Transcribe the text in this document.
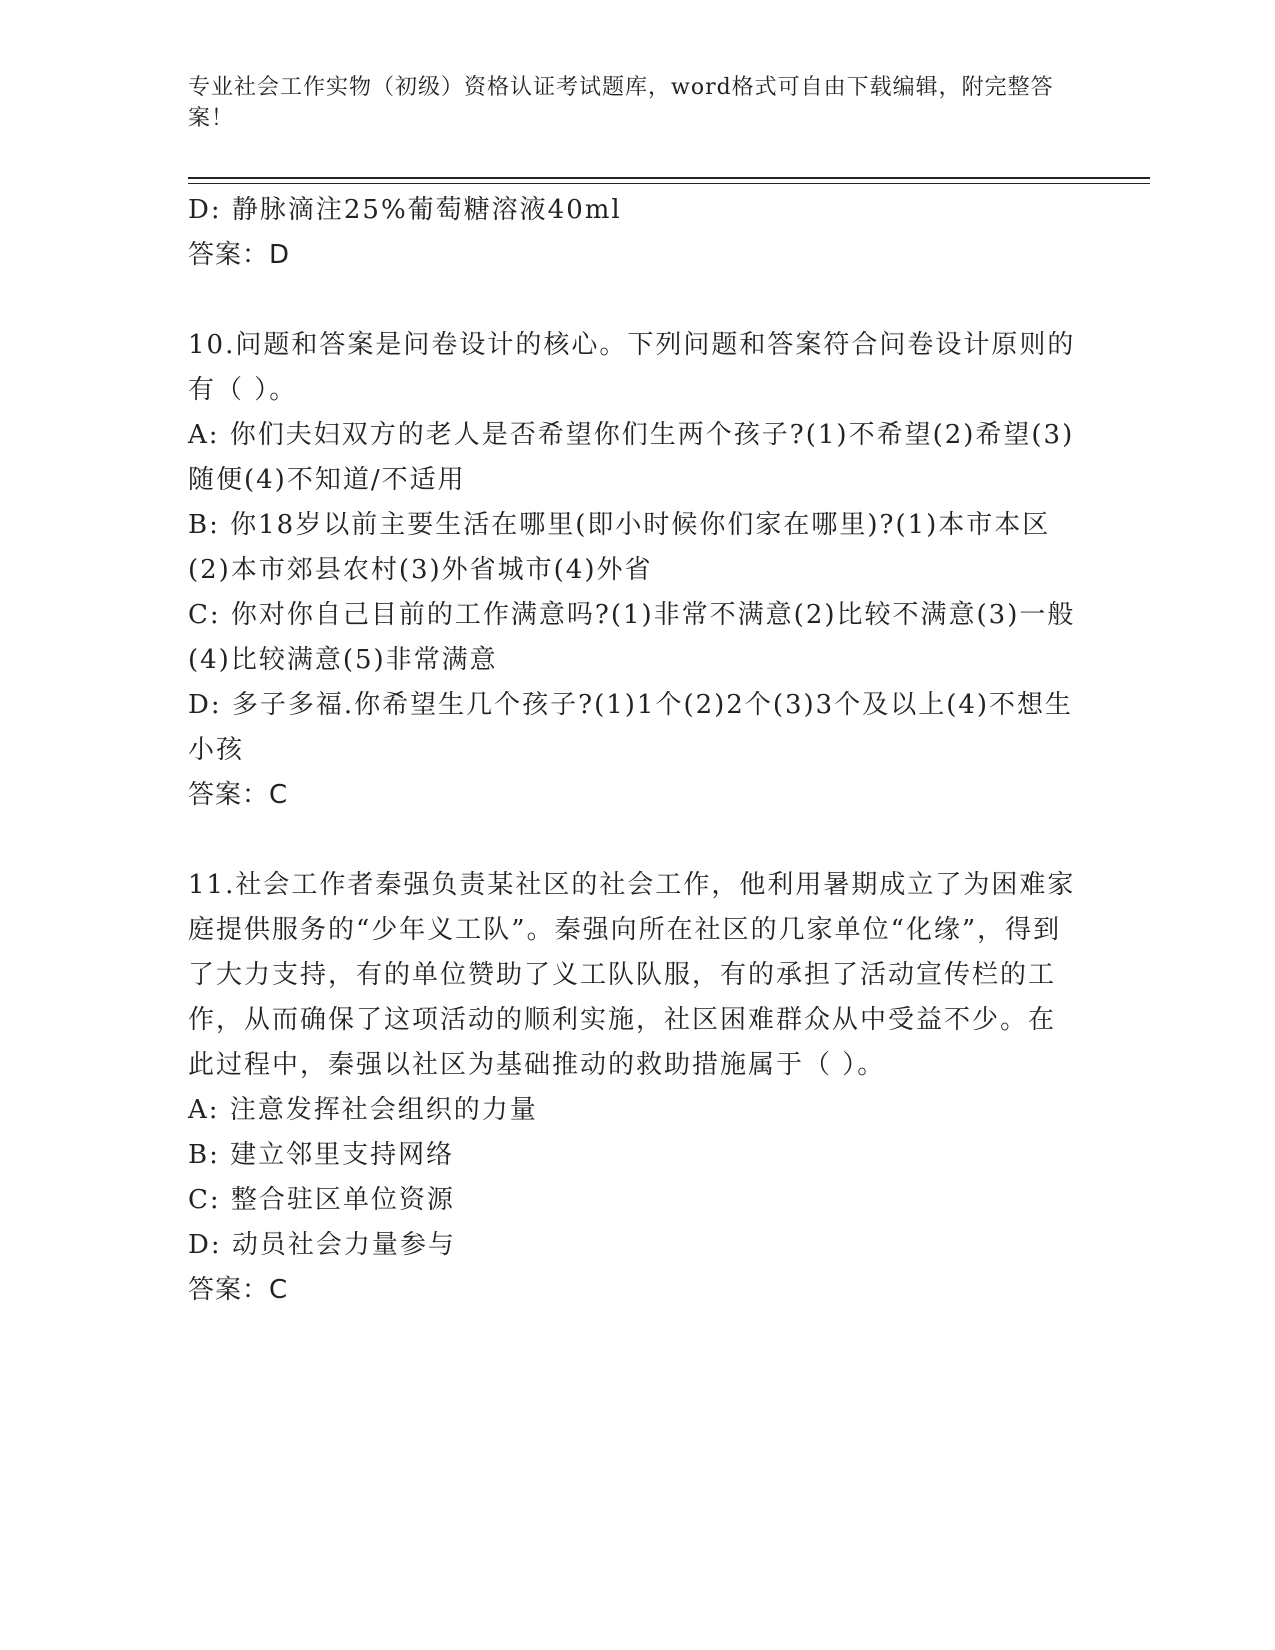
专业社会工作实物（初级）资格认证考试题库，word格式可自由下载编辑，附完整答案！

D: 静脉滴注25%葡萄糖溶液40ml

答案：D

10.问题和答案是问卷设计的核心。下列问题和答案符合问卷设计原则的有（ ）。

A: 你们夫妇双方的老人是否希望你们生两个孩子?(1)不希望(2)希望(3)随便(4)不知道/不适用

B: 你18岁以前主要生活在哪里(即小时候你们家在哪里)?(1)本市本区(2)本市郊县农村(3)外省城市(4)外省

C: 你对你自己目前的工作满意吗?(1)非常不满意(2)比较不满意(3)一般(4)比较满意(5)非常满意

D: 多子多福.你希望生几个孩子?(1)1个(2)2个(3)3个及以上(4)不想生小孩

答案：C

11.社会工作者秦强负责某社区的社会工作，他利用暑期成立了为困难家庭提供服务的“少年义工队”。秦强向所在社区的几家单位“化缘”，得到了大力支持，有的单位赞助了义工队队服，有的承担了活动宣传栏的工作，从而确保了这项活动的顺利实施，社区困难群众从中受益不少。在此过程中，秦强以社区为基础推动的救助措施属于（ ）。

A: 注意发挥社会组织的力量

B: 建立邻里支持网络

C: 整合驻区单位资源

D: 动员社会力量参与

答案：C
